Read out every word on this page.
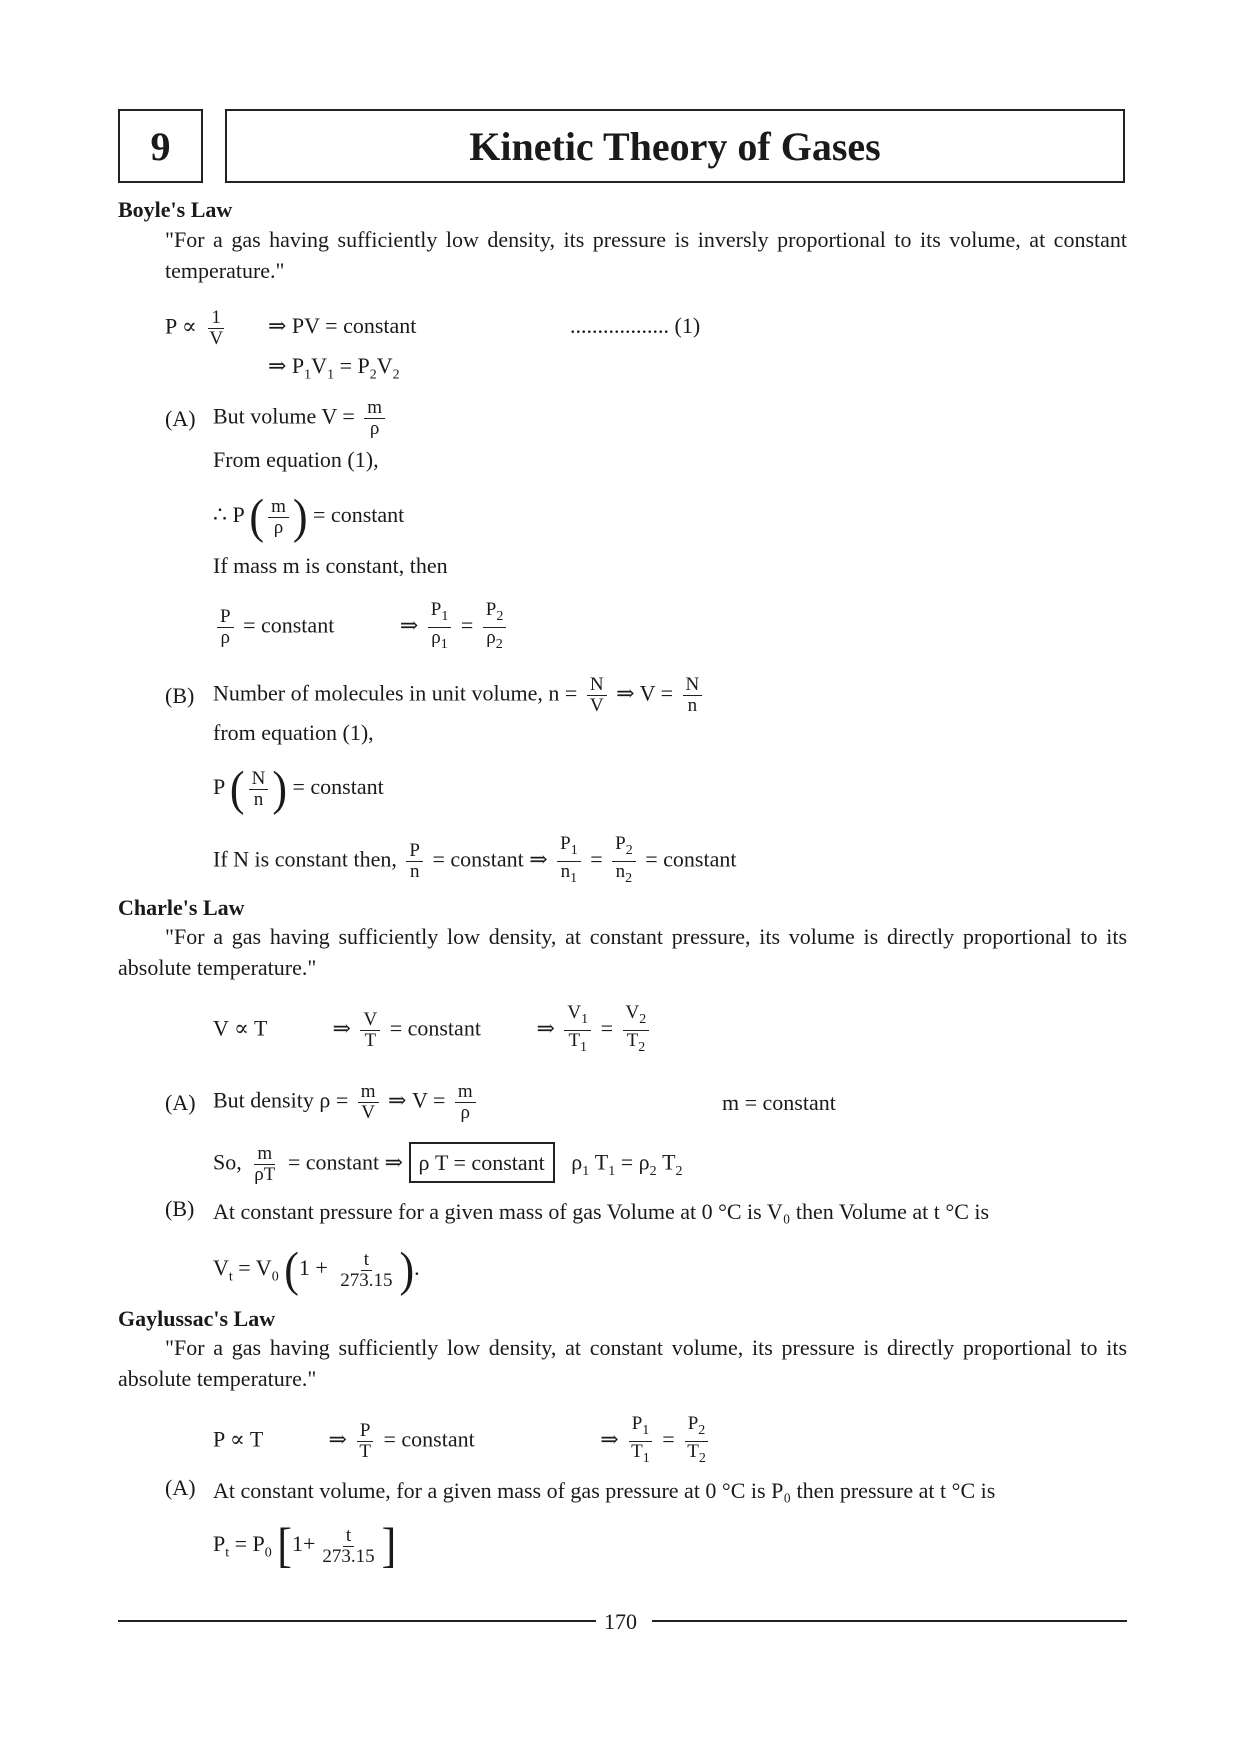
9	Kinetic Theory of Gases
Boyle's Law
"For a gas having sufficiently low density, its pressure is inversly proportional to its volume, at constant temperature."
$P \propto \frac{1}{V}$ ⇒ PV = constant	.................. (1)
⇒ $P_1V_1 = P_2V_2$
(A) But volume $V = \frac{m}{\rho}$
From equation (1),
∴ P ( $\frac{m}{\rho}$ ) = constant
If mass m is constant, then
$\frac{P}{\rho}$ = constant	⇒ $\frac{P_1}{\rho_1} = \frac{P_2}{\rho_2}$
(B) Number of molecules in unit volume, $n = \frac{N}{V}$ ⇒ $V = \frac{N}{n}$
from equation (1),
P ( $\frac{N}{n}$ ) = constant
If N is constant then, $\frac{P}{n}$ = constant ⇒ $\frac{P_1}{n_1} = \frac{P_2}{n_2}$ = constant
Charle's Law
"For a gas having sufficiently low density, at constant pressure, its volume is directly proportional to its absolute temperature."
V ∝ T	⇒ $\frac{V}{T}$ = constant ⇒ $\frac{V_1}{T_1} = \frac{V_2}{T_2}$
(A) But density $\rho = \frac{m}{V}$ ⇒ $V = \frac{m}{\rho}$	m = constant
So, $\frac{m}{\rho T}$ = constant ⇒ ρ T = constant   $\rho_1$ $T_1 = \rho_2$ $T_2$
(B) At constant pressure for a given mass of gas Volume at 0 °C is V₀ then Volume at t °C is
$V_t = V_0$ ($1 + \frac{t}{273.15}$ ).
Gaylussac's Law
"For a gas having sufficiently low density, at constant volume, its pressure is directly proportional to its absolute temperature."
P ∝ T	⇒ $\frac{P}{T}$ = constant	⇒ $\frac{P_1}{T_1} = \frac{P_2}{T_2}$
(A) At constant volume, for a given mass of gas pressure at 0 °C is P₀ then pressure at t °C is
$P_t = P_0$ [$1+ \frac{t}{273.15}$ ]
170
